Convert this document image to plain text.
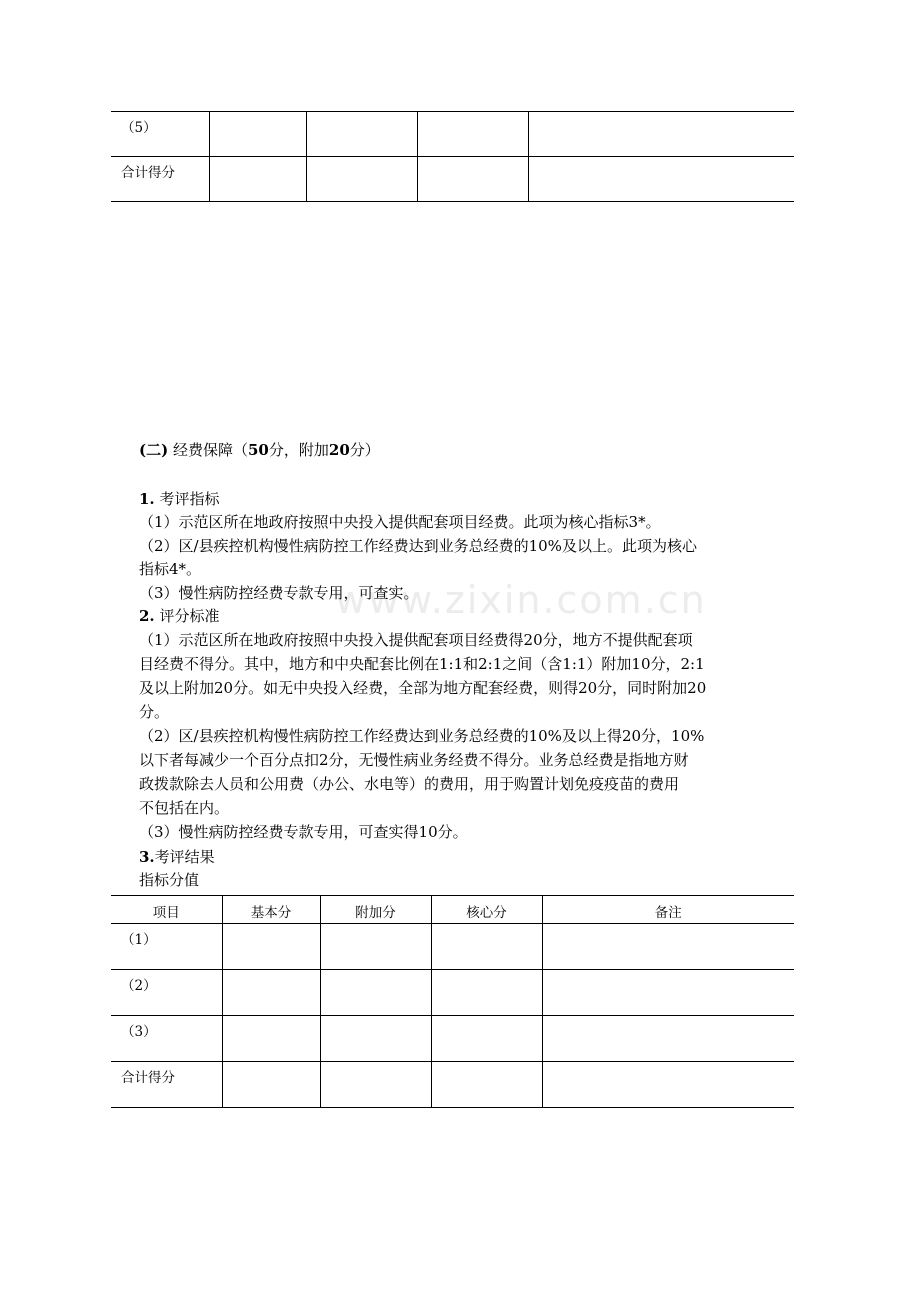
www.zixin.com.cn
（5）				
合计得分				
(二) 经费保障（50分，附加20分）
1. 考评指标
（1）示范区所在地政府按照中央投入提供配套项目经费。此项为核心指标3*。
（2）区/县疾控机构慢性病防控工作经费达到业务总经费的10%及以上。此项为核心
指标4*。
（3）慢性病防控经费专款专用，可查实。
2. 评分标准
（1）示范区所在地政府按照中央投入提供配套项目经费得20分，地方不提供配套项
目经费不得分。其中，地方和中央配套比例在1:1和2:1之间（含1:1）附加10分，2:1
及以上附加20分。如无中央投入经费，全部为地方配套经费，则得20分，同时附加20
分。
（2）区/县疾控机构慢性病防控工作经费达到业务总经费的10%及以上得20分，10%
以下者每减少一个百分点扣2分，无慢性病业务经费不得分。业务总经费是指地方财
政拨款除去人员和公用费（办公、水电等）的费用，用于购置计划免疫疫苗的费用
不包括在内。
（3）慢性病防控经费专款专用，可查实得10分。
3.考评结果
指标分值
项目	基本分	附加分	核心分	备注
（1）				
（2）				
（3）				
合计得分				
